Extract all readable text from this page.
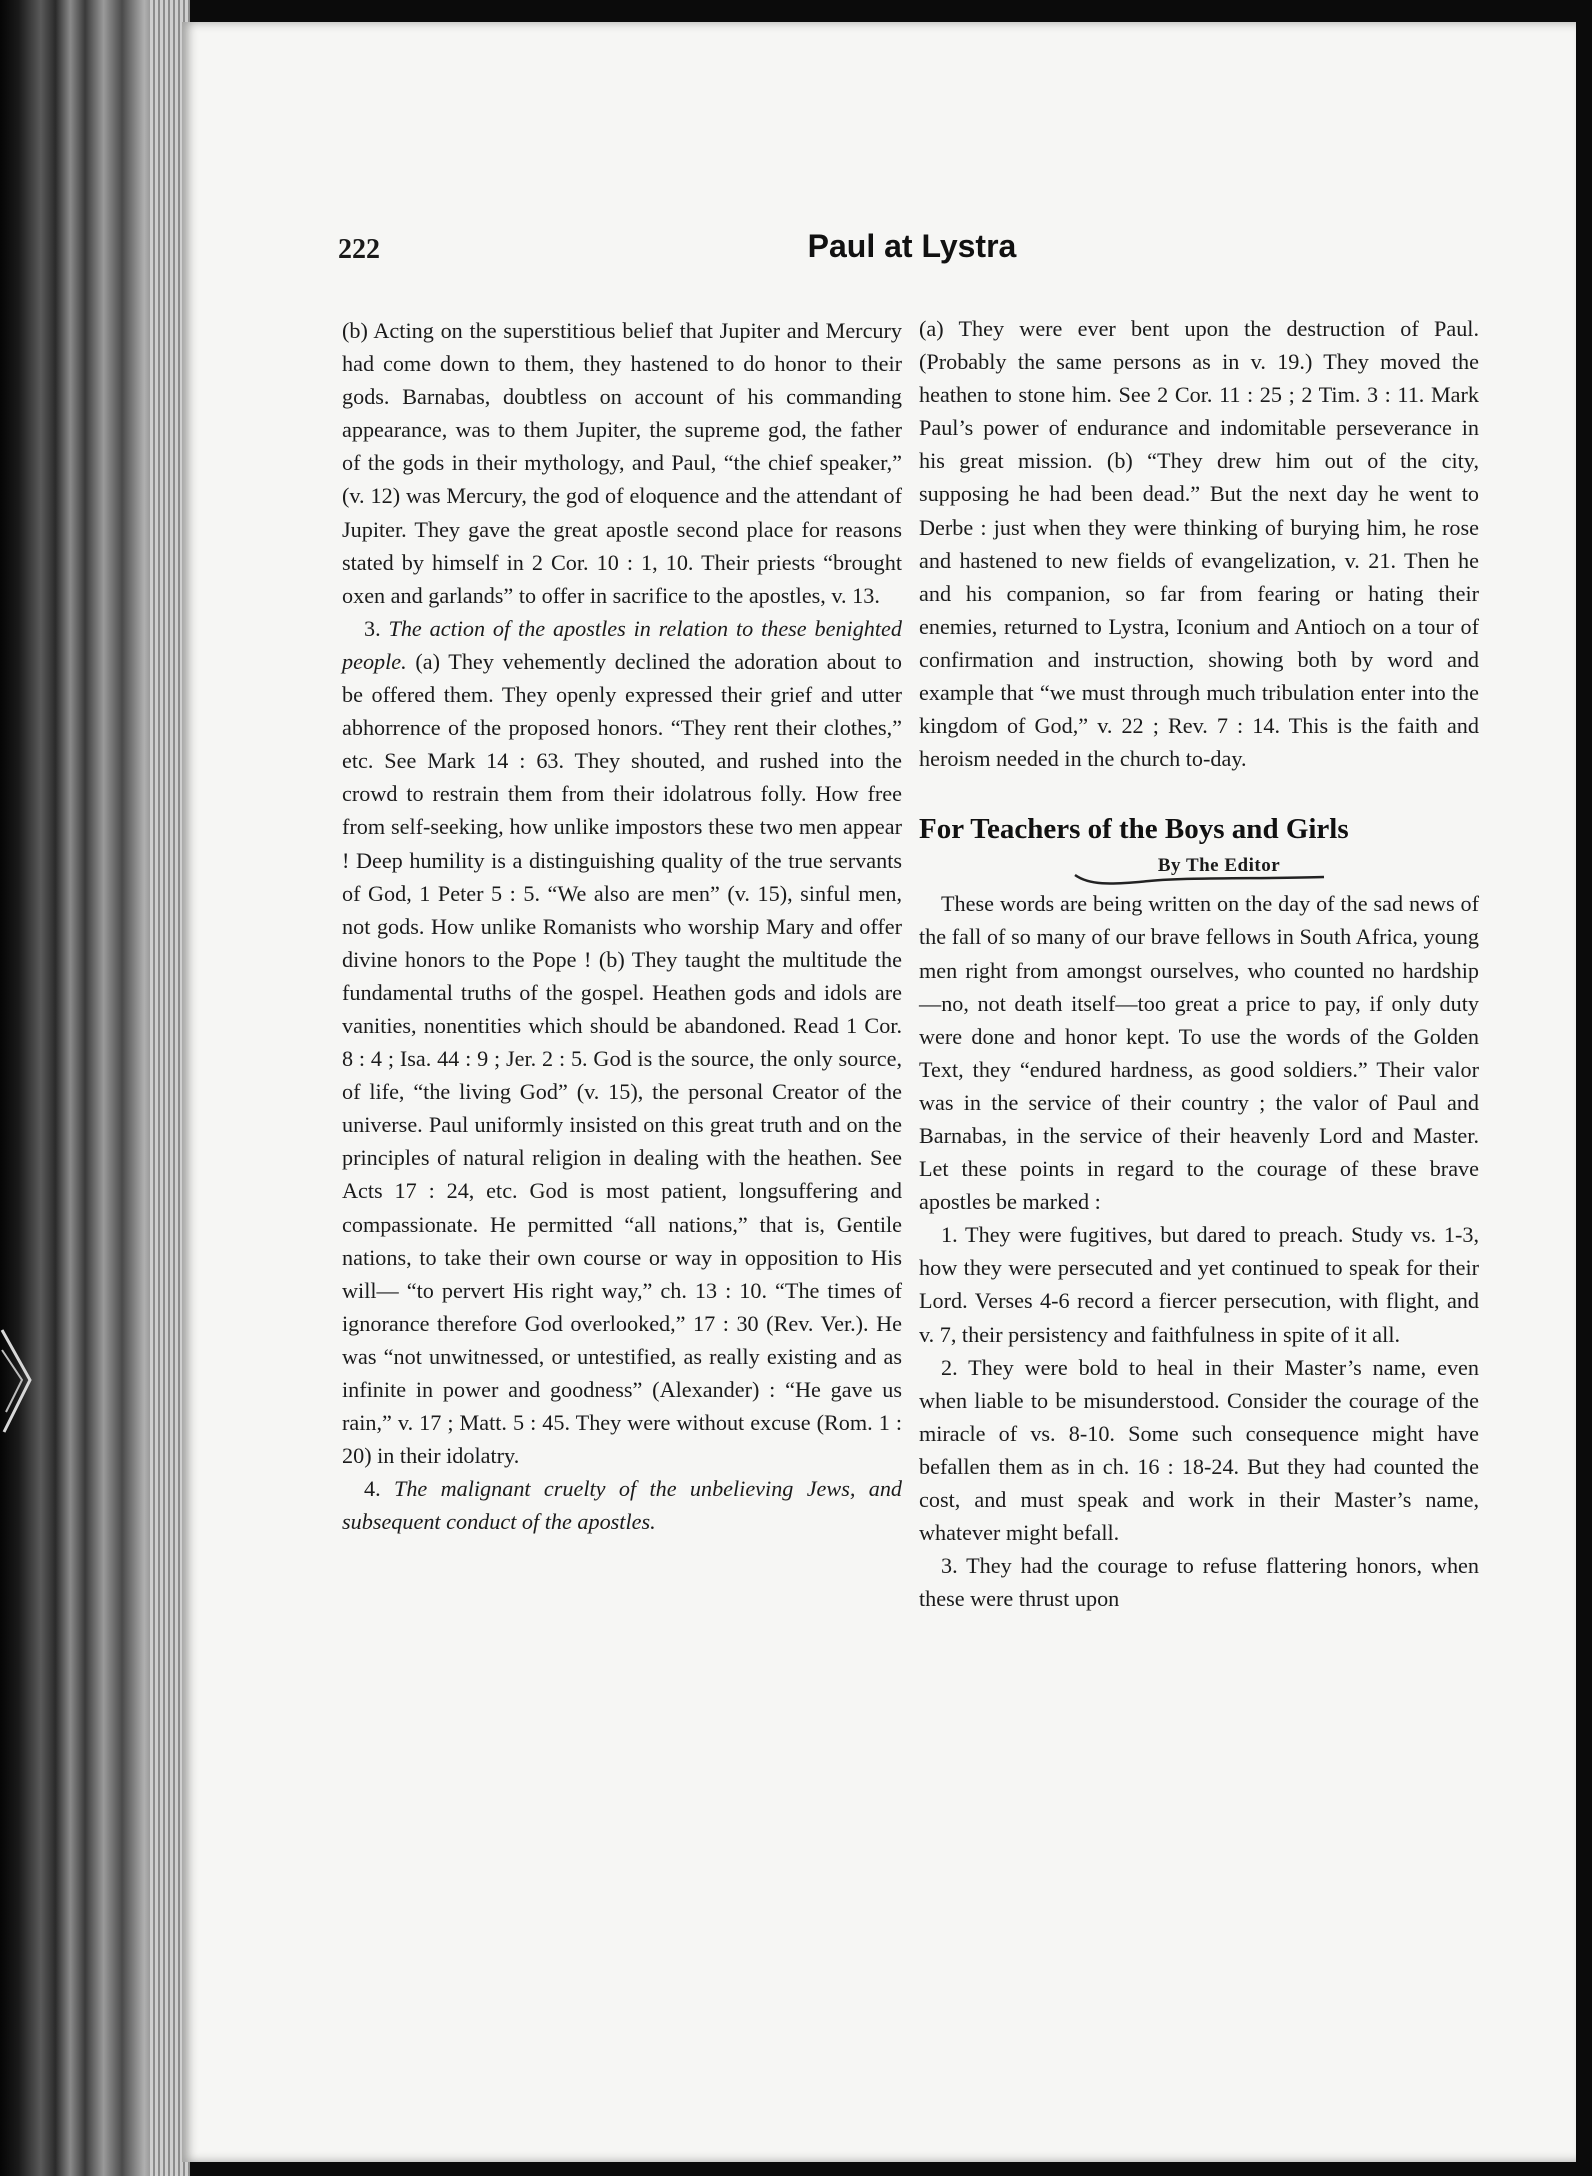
222	Paul at Lystra

(b) Acting on the superstitious belief that Jupiter and Mercury had come down to them, they hastened to do honor to their gods. Barnabas, doubtless on account of his commanding appearance, was to them Jupiter, the supreme god, the father of the gods in their mythology, and Paul, “the chief speaker,” (v. 12) was Mercury, the god of eloquence and the attendant of Jupiter. They gave the great apostle second place for reasons stated by himself in 2 Cor. 10 : 1, 10. Their priests “brought oxen and garlands” to offer in sacrifice to the apostles, v. 13.

3. The action of the apostles in relation to these benighted people. (a) They vehemently declined the adoration about to be offered them. They openly expressed their grief and utter abhorrence of the proposed honors. “They rent their clothes,” etc. See Mark 14 : 63. They shouted, and rushed into the crowd to restrain them from their idolatrous folly. How free from self-seeking, how unlike impostors these two men appear ! Deep humility is a distinguishing quality of the true servants of God, 1 Peter 5 : 5. “We also are men” (v. 15), sinful men, not gods. How unlike Romanists who worship Mary and offer divine honors to the Pope ! (b) They taught the multitude the fundamental truths of the gospel. Heathen gods and idols are vanities, nonentities which should be abandoned. Read 1 Cor. 8 : 4 ; Isa. 44 : 9 ; Jer. 2 : 5. God is the source, the only source, of life, “the living God” (v. 15), the personal Creator of the universe. Paul uniformly insisted on this great truth and on the principles of natural religion in dealing with the heathen. See Acts 17 : 24, etc. God is most patient, longsuffering and compassionate. He permitted “all nations,” that is, Gentile nations, to take their own course or way in opposition to His will— “to pervert His right way,” ch. 13 : 10. “The times of ignorance therefore God overlooked,” 17 : 30 (Rev. Ver.). He was “not unwitnessed, or untestified, as really existing and as infinite in power and goodness” (Alexander) : “He gave us rain,” v. 17 ; Matt. 5 : 45. They were without excuse (Rom. 1 : 20) in their idolatry.

4. The malignant cruelty of the unbelieving Jews, and subsequent conduct of the apostles.

(a) They were ever bent upon the destruction of Paul. (Probably the same persons as in v. 19.) They moved the heathen to stone him. See 2 Cor. 11 : 25 ; 2 Tim. 3 : 11. Mark Paul’s power of endurance and indomitable perseverance in his great mission. (b) “They drew him out of the city, supposing he had been dead.” But the next day he went to Derbe : just when they were thinking of burying him, he rose and hastened to new fields of evangelization, v. 21. Then he and his companion, so far from fearing or hating their enemies, returned to Lystra, Iconium and Antioch on a tour of confirmation and instruction, showing both by word and example that “we must through much tribulation enter into the kingdom of God,” v. 22 ; Rev. 7 : 14. This is the faith and heroism needed in the church to-day.

For Teachers of the Boys and Girls
By The Editor

These words are being written on the day of the sad news of the fall of so many of our brave fellows in South Africa, young men right from amongst ourselves, who counted no hardship—no, not death itself—too great a price to pay, if only duty were done and honor kept. To use the words of the Golden Text, they “endured hardness, as good soldiers.” Their valor was in the service of their country ; the valor of Paul and Barnabas, in the service of their heavenly Lord and Master. Let these points in regard to the courage of these brave apostles be marked :

1. They were fugitives, but dared to preach. Study vs. 1-3, how they were persecuted and yet continued to speak for their Lord. Verses 4-6 record a fiercer persecution, with flight, and v. 7, their persistency and faithfulness in spite of it all.

2. They were bold to heal in their Master’s name, even when liable to be misunderstood. Consider the courage of the miracle of vs. 8-10. Some such consequence might have befallen them as in ch. 16 : 18-24. But they had counted the cost, and must speak and work in their Master’s name, whatever might befall.

3. They had the courage to refuse flattering honors, when these were thrust upon
